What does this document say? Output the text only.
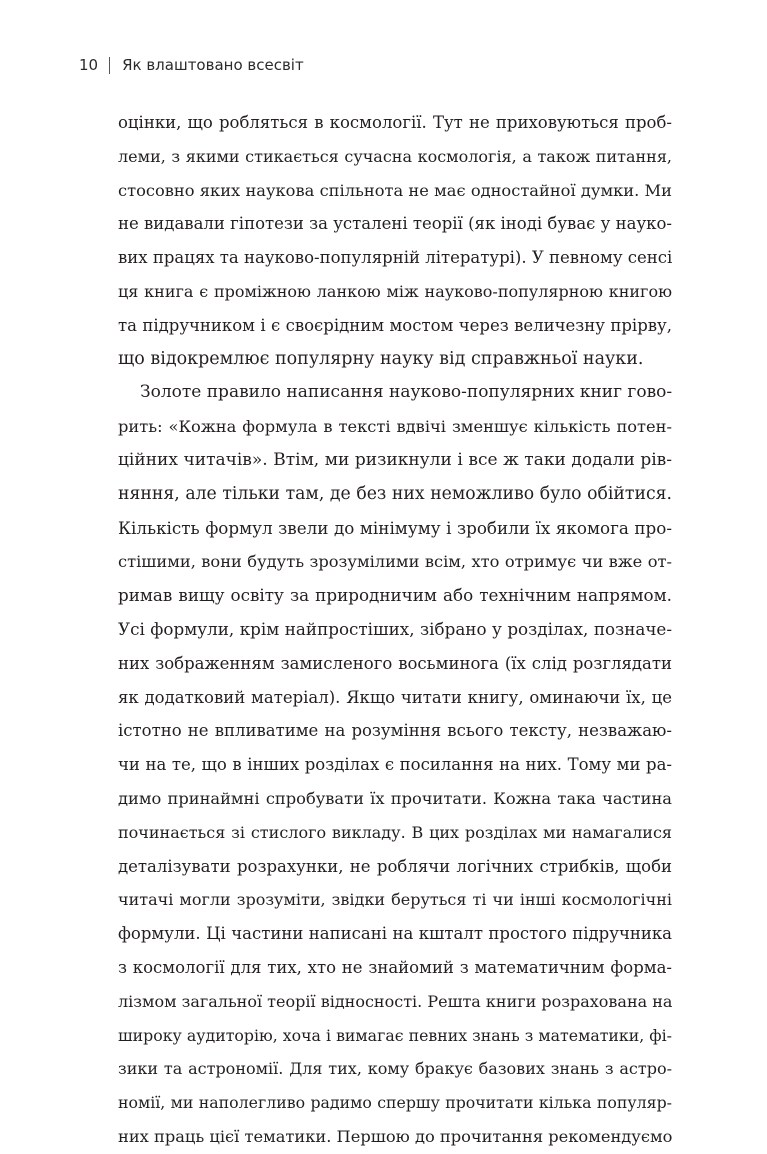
10 Як влаштовано всесвіт
оцінки, що робляться в космології. Тут не приховуються проб-
леми, з якими стикається сучасна космологія, а також питання,
стосовно яких наукова спільнота не має одностайної думки. Ми
не видавали гіпотези за усталені теорії (як іноді буває у науко-
вих працях та науково-популярній літературі). У певному сенсі
ця книга є проміжною ланкою між науково-популярною книгою
та підручником і є своєрідним мостом через величезну прірву,
що відокремлює популярну науку від справжньої науки.
Золоте правило написання науково-популярних книг гово-
рить: «Кожна формула в тексті вдвічі зменшує кількість потен-
ційних читачів». Втім, ми ризикнули і все ж таки додали рів-
няння, але тільки там, де без них неможливо було обійтися.
Кількість формул звели до мінімуму і зробили їх якомога про-
стішими, вони будуть зрозумілими всім, хто отримує чи вже от-
римав вищу освіту за природничим або технічним напрямом.
Усі формули, крім найпростіших, зібрано у розділах, позначе-
них зображенням замисленого восьминога (їх слід розглядати
як додатковий матеріал). Якщо читати книгу, оминаючи їх, це
істотно не впливатиме на розуміння всього тексту, незважаю-
чи на те, що в інших розділах є посилання на них. Тому ми ра-
димо принаймні спробувати їх прочитати. Кожна така частина
починається зі стислого викладу. В цих розділах ми намагалися
деталізувати розрахунки, не роблячи логічних стрибків, щоби
читачі могли зрозуміти, звідки беруться ті чи інші космологічні
формули. Ці частини написані на кшталт простого підручника
з космології для тих, хто не знайомий з математичним форма-
лізмом загальної теорії відносності. Решта книги розрахована на
широку аудиторію, хоча і вимагає певних знань з математики, фі-
зики та астрономії. Для тих, кому бракує базових знань з астро-
номії, ми наполегливо радимо спершу прочитати кілька популяр-
них праць цієї тематики. Першою до прочитання рекомендуємо
